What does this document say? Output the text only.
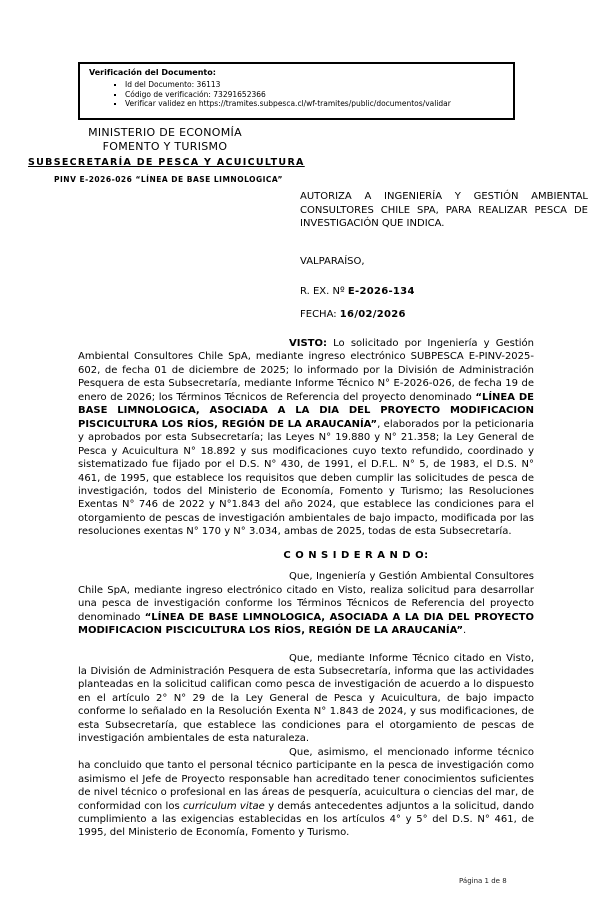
Verificación del Documento:
▪ Id del Documento: 36113
▪ Código de verificación: 73291652366
▪ Verificar validez en https://tramites.subpesca.cl/wf-tramites/public/documentos/validar
MINISTERIO DE ECONOMÍA
FOMENTO Y TURISMO
SUBSECRETARÍA DE PESCA Y ACUICULTURA
PINV E-2026-026 “LÍNEA DE BASE LIMNOLOGICA”

AUTORIZA A INGENIERÍA Y GESTIÓN AMBIENTAL CONSULTORES CHILE SPA, PARA REALIZAR PESCA DE INVESTIGACIÓN QUE INDICA.

VALPARAÍSO,

R. EX. Nº E-2026-134

FECHA: 16/02/2026

VISTO: Lo solicitado por Ingeniería y Gestión Ambiental Consultores Chile SpA, mediante ingreso electrónico SUBPESCA E-PINV-2025-602, de fecha 01 de diciembre de 2025; lo informado por la División de Administración Pesquera de esta Subsecretaría, mediante Informe Técnico N° E-2026-026, de fecha 19 de enero de 2026; los Términos Técnicos de Referencia del proyecto denominado “LÍNEA DE BASE LIMNOLOGICA, ASOCIADA A LA DIA DEL PROYECTO MODIFICACION PISCICULTURA LOS RÍOS, REGIÓN DE LA ARAUCANÍA”, elaborados por la peticionaria y aprobados por esta Subsecretaría; las Leyes N° 19.880 y N° 21.358; la Ley General de Pesca y Acuicultura N° 18.892 y sus modificaciones cuyo texto refundido, coordinado y sistematizado fue fijado por el D.S. N° 430, de 1991, el D.F.L. N° 5, de 1983, el D.S. N° 461, de 1995, que establece los requisitos que deben cumplir las solicitudes de pesca de investigación, todos del Ministerio de Economía, Fomento y Turismo; las Resoluciones Exentas N° 746 de 2022 y N°1.843 del año 2024, que establece las condiciones para el otorgamiento de pescas de investigación ambientales de bajo impacto, modificada por las resoluciones exentas N° 170 y N° 3.034, ambas de 2025, todas de esta Subsecretaría.

C O N S I D E R A N D O:

Que, Ingeniería y Gestión Ambiental Consultores Chile SpA, mediante ingreso electrónico citado en Visto, realiza solicitud para desarrollar una pesca de investigación conforme los Términos Técnicos de Referencia del proyecto denominado “LÍNEA DE BASE LIMNOLOGICA, ASOCIADA A LA DIA DEL PROYECTO MODIFICACION PISCICULTURA LOS RÍOS, REGIÓN DE LA ARAUCANÍA”.

Que, mediante Informe Técnico citado en Visto, la División de Administración Pesquera de esta Subsecretaría, informa que las actividades planteadas en la solicitud califican como pesca de investigación de acuerdo a lo dispuesto en el artículo 2° N° 29 de la Ley General de Pesca y Acuicultura, de bajo impacto conforme lo señalado en la Resolución Exenta N° 1.843 de 2024, y sus modificaciones, de esta Subsecretaría, que establece las condiciones para el otorgamiento de pescas de investigación ambientales de esta naturaleza.

Que, asimismo, el mencionado informe técnico ha concluido que tanto el personal técnico participante en la pesca de investigación como asimismo el Jefe de Proyecto responsable han acreditado tener conocimientos suficientes de nivel técnico o profesional en las áreas de pesquería, acuicultura o ciencias del mar, de conformidad con los curriculum vitae y demás antecedentes adjuntos a la solicitud, dando cumplimiento a las exigencias establecidas en los artículos 4° y 5° del D.S. N° 461, de 1995, del Ministerio de Economía, Fomento y Turismo.

Página 1 de 8
